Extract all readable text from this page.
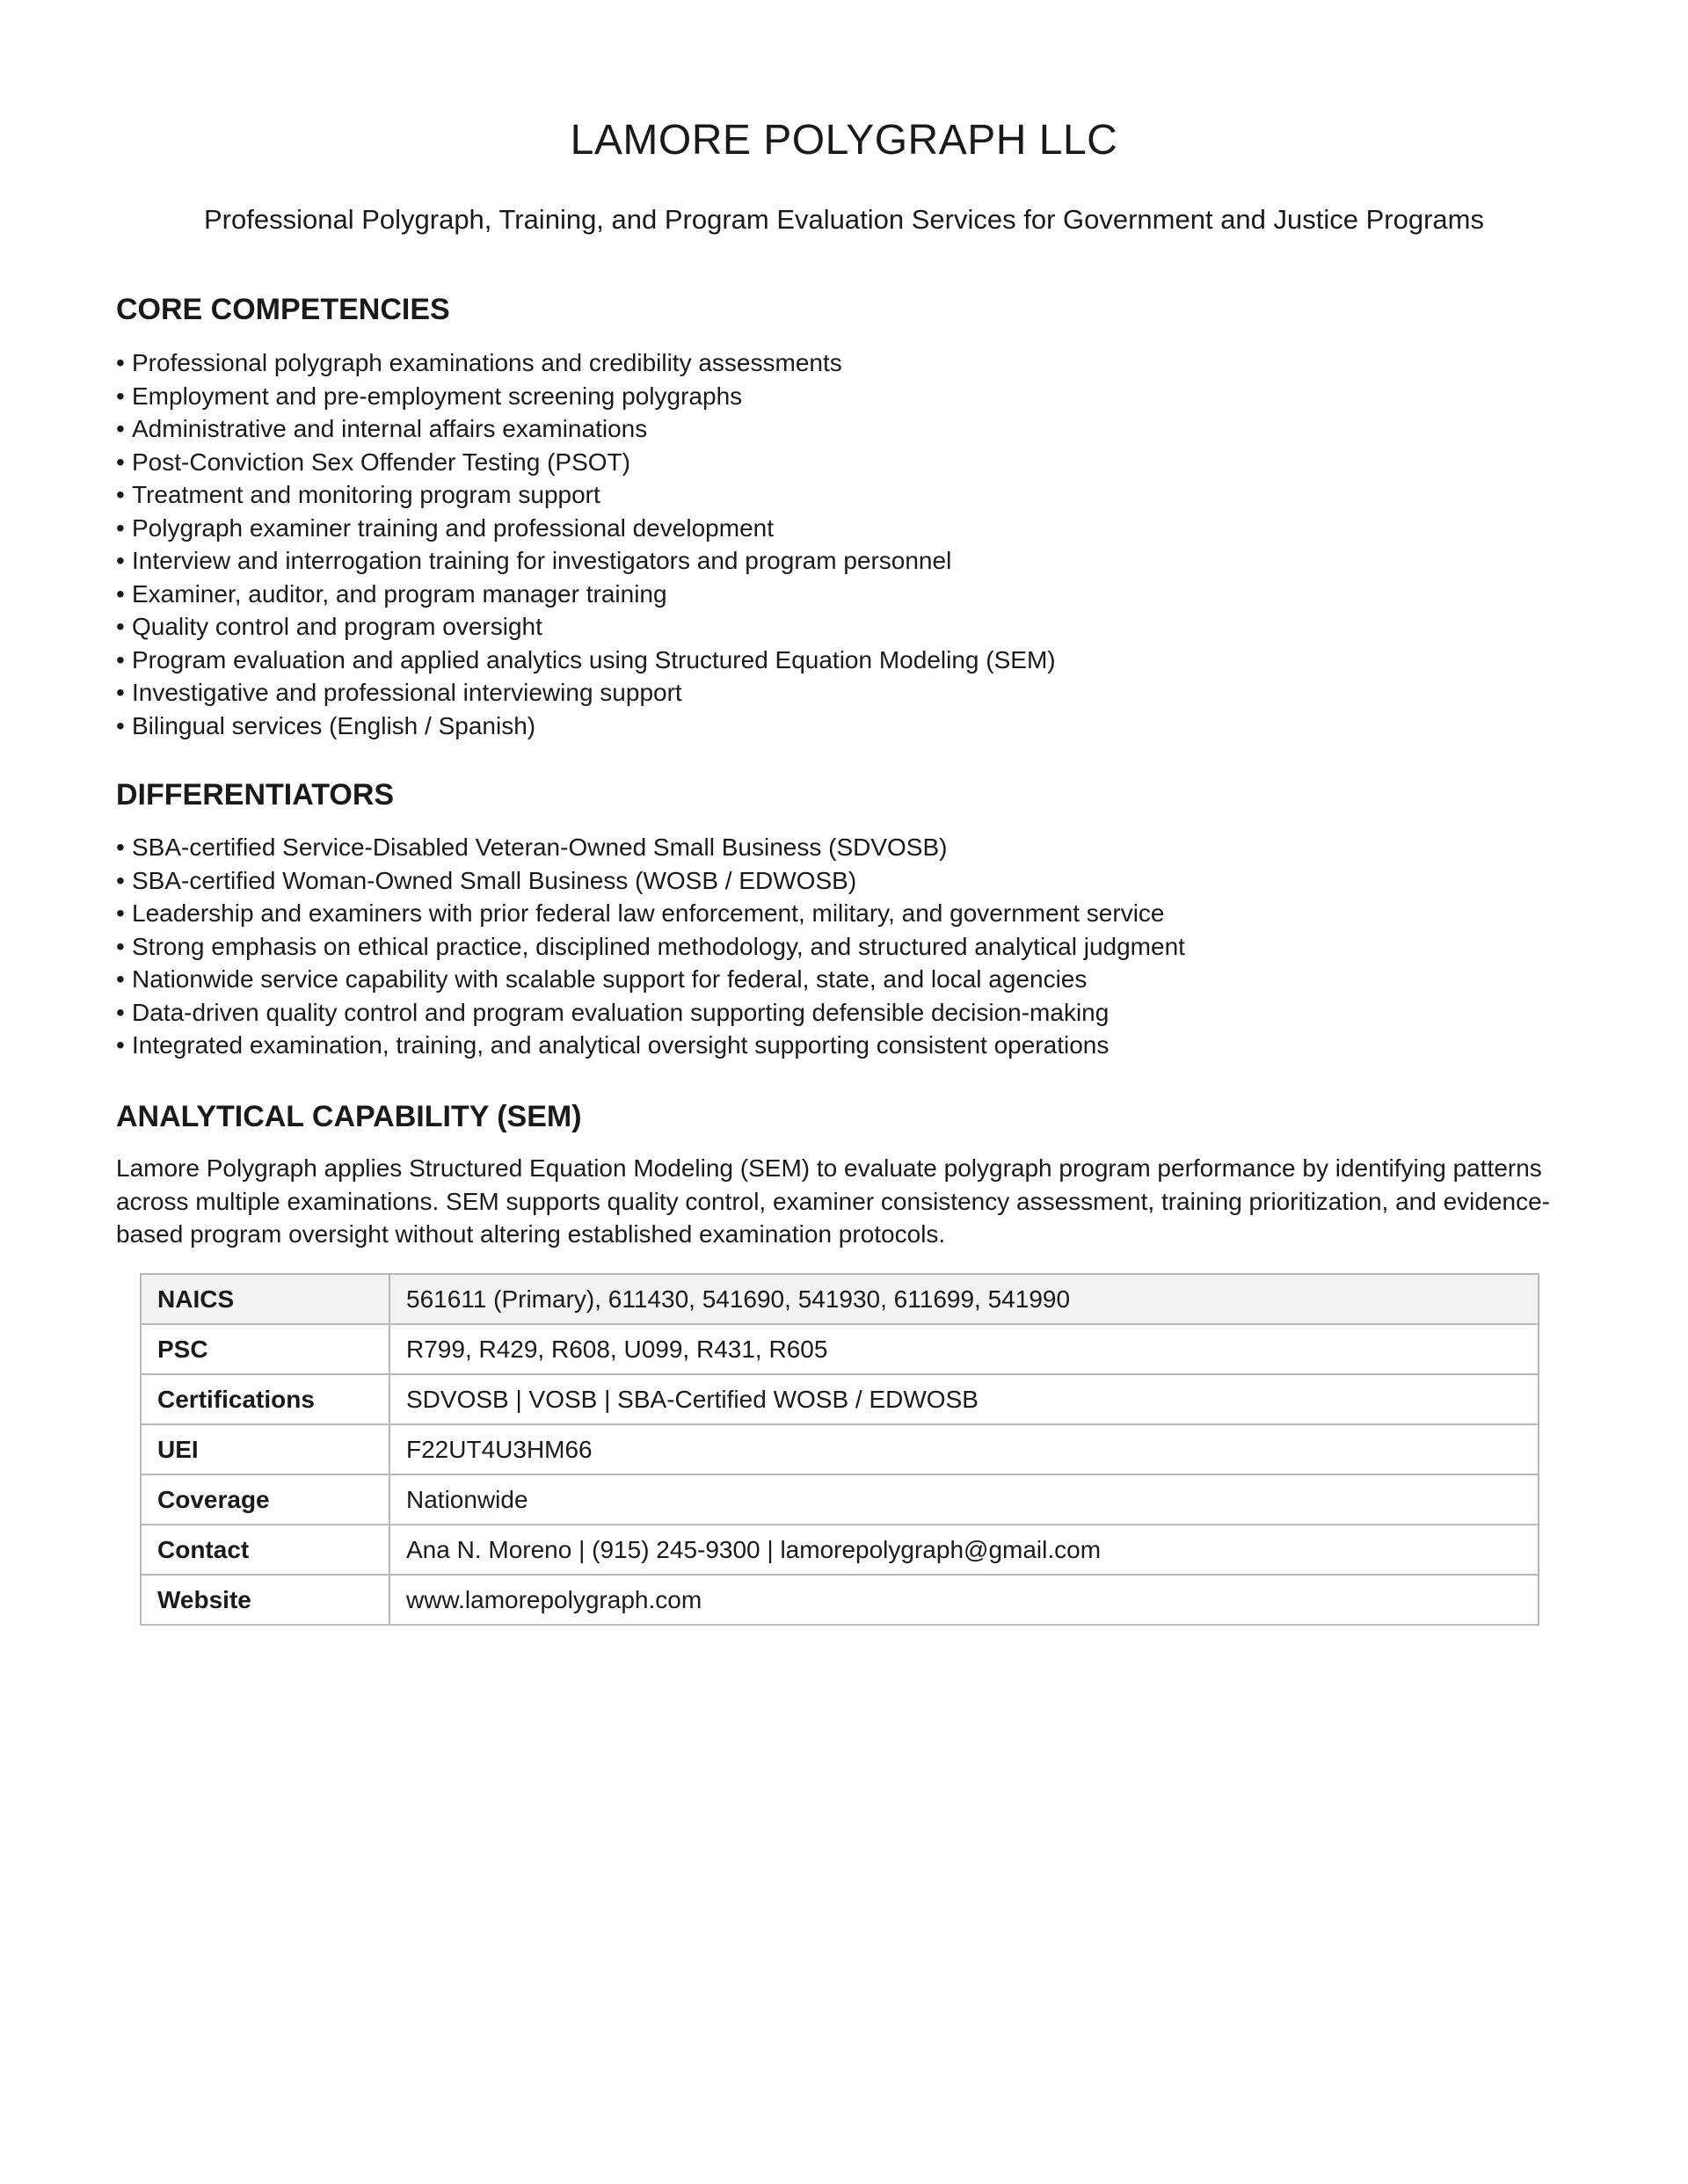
LAMORE POLYGRAPH LLC

Professional Polygraph, Training, and Program Evaluation Services for Government and Justice Programs

CORE COMPETENCIES
• Professional polygraph examinations and credibility assessments
• Employment and pre-employment screening polygraphs
• Administrative and internal affairs examinations
• Post-Conviction Sex Offender Testing (PSOT)
• Treatment and monitoring program support
• Polygraph examiner training and professional development
• Interview and interrogation training for investigators and program personnel
• Examiner, auditor, and program manager training
• Quality control and program oversight
• Program evaluation and applied analytics using Structured Equation Modeling (SEM)
• Investigative and professional interviewing support
• Bilingual services (English / Spanish)
DIFFERENTIATORS
• SBA-certified Service-Disabled Veteran-Owned Small Business (SDVOSB)
• SBA-certified Woman-Owned Small Business (WOSB / EDWOSB)
• Leadership and examiners with prior federal law enforcement, military, and government service
• Strong emphasis on ethical practice, disciplined methodology, and structured analytical judgment
• Nationwide service capability with scalable support for federal, state, and local agencies
• Data-driven quality control and program evaluation supporting defensible decision-making
• Integrated examination, training, and analytical oversight supporting consistent operations
ANALYTICAL CAPABILITY (SEM)

Lamore Polygraph applies Structured Equation Modeling (SEM) to evaluate polygraph program performance by identifying patterns across multiple examinations. SEM supports quality control, examiner consistency assessment, training prioritization, and evidence-based program oversight without altering established examination protocols.

NAICS	561611 (Primary), 611430, 541690, 541930, 611699, 541990
PSC	R799, R429, R608, U099, R431, R605
Certifications	SDVOSB | VOSB | SBA-Certified WOSB / EDWOSB
UEI	F22UT4U3HM66
Coverage	Nationwide
Contact	Ana N. Moreno | (915) 245-9300 | lamorepolygraph@gmail.com
Website	www.lamorepolygraph.com
